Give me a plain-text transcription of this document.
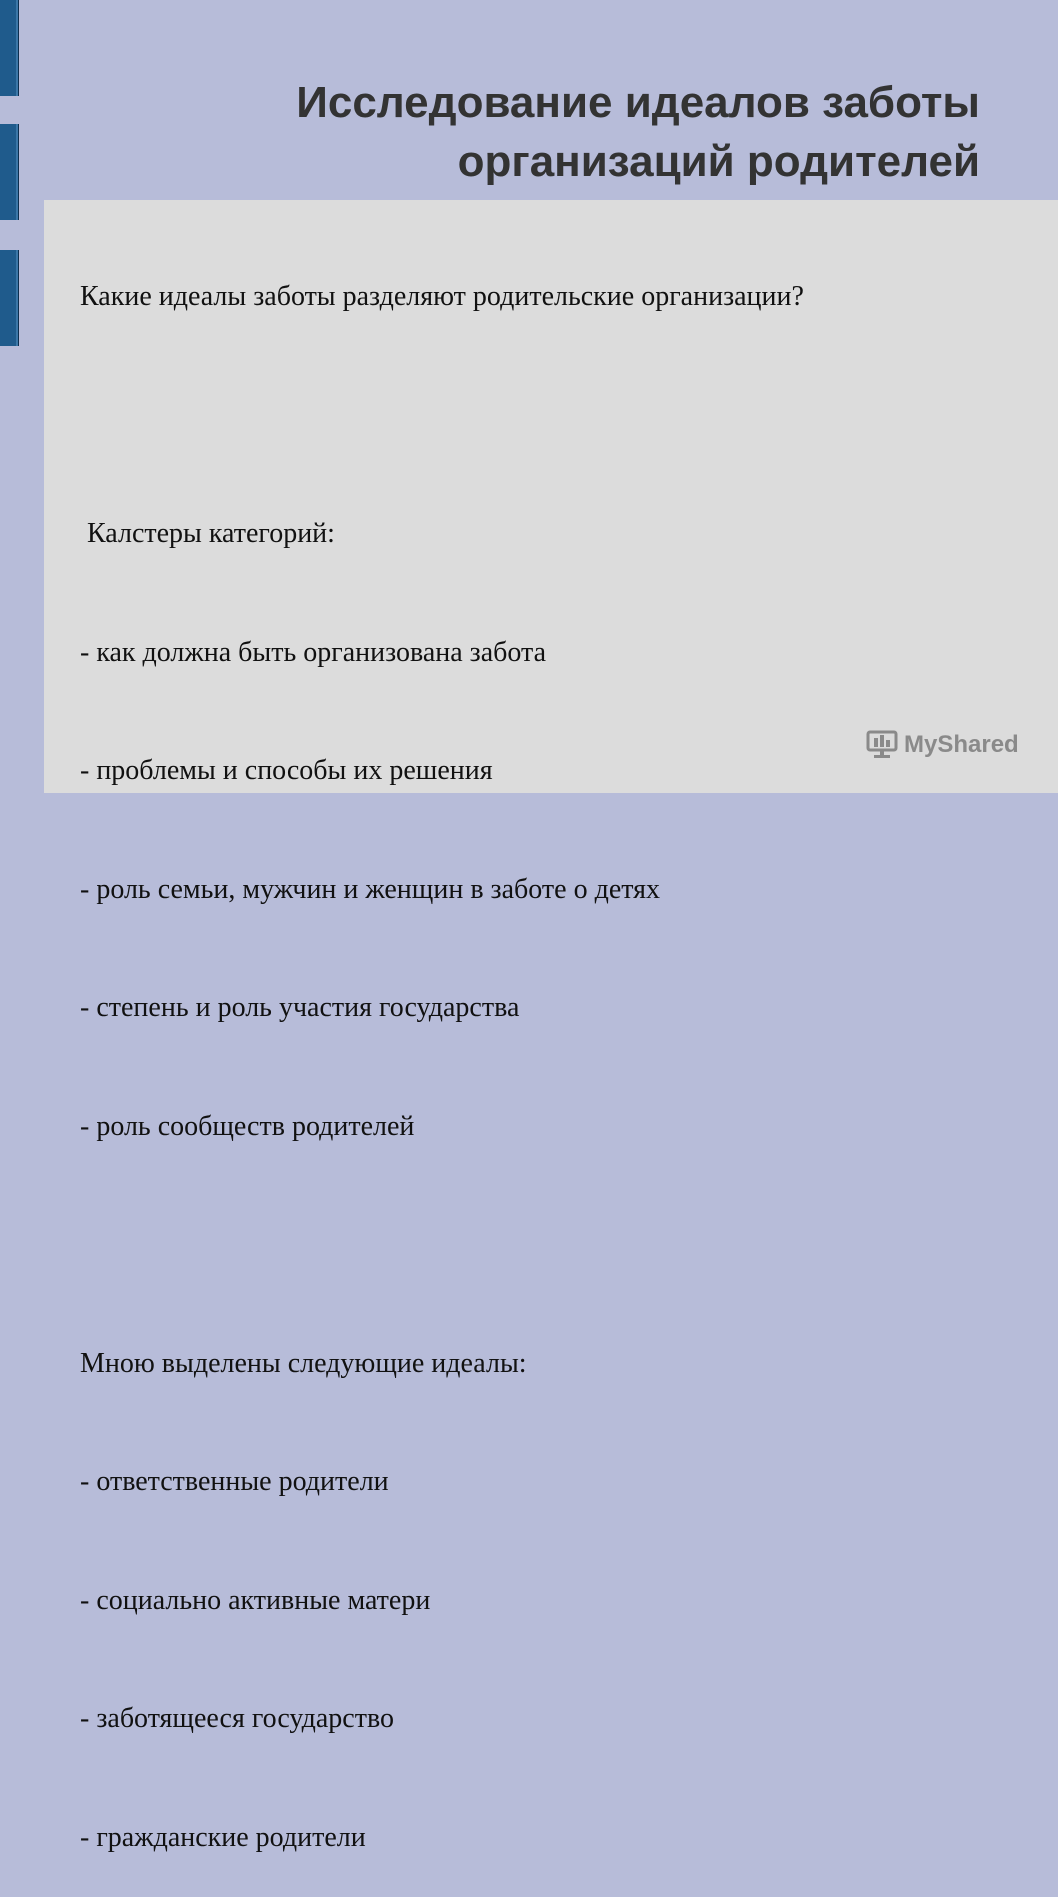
Исследование идеалов заботы
организаций родителей

Какие идеалы заботы разделяют родительские организации?

Калстеры категорий:

- как должна быть организована забота

- проблемы и способы их решения

- роль семьи, мужчин и женщин в заботе о детях

- степень и роль участия государства

- роль сообществ родителей

Мною выделены следующие идеалы:

- ответственные родители

- социально активные матери

- заботящееся государство

- гражданские родители

MyShared
